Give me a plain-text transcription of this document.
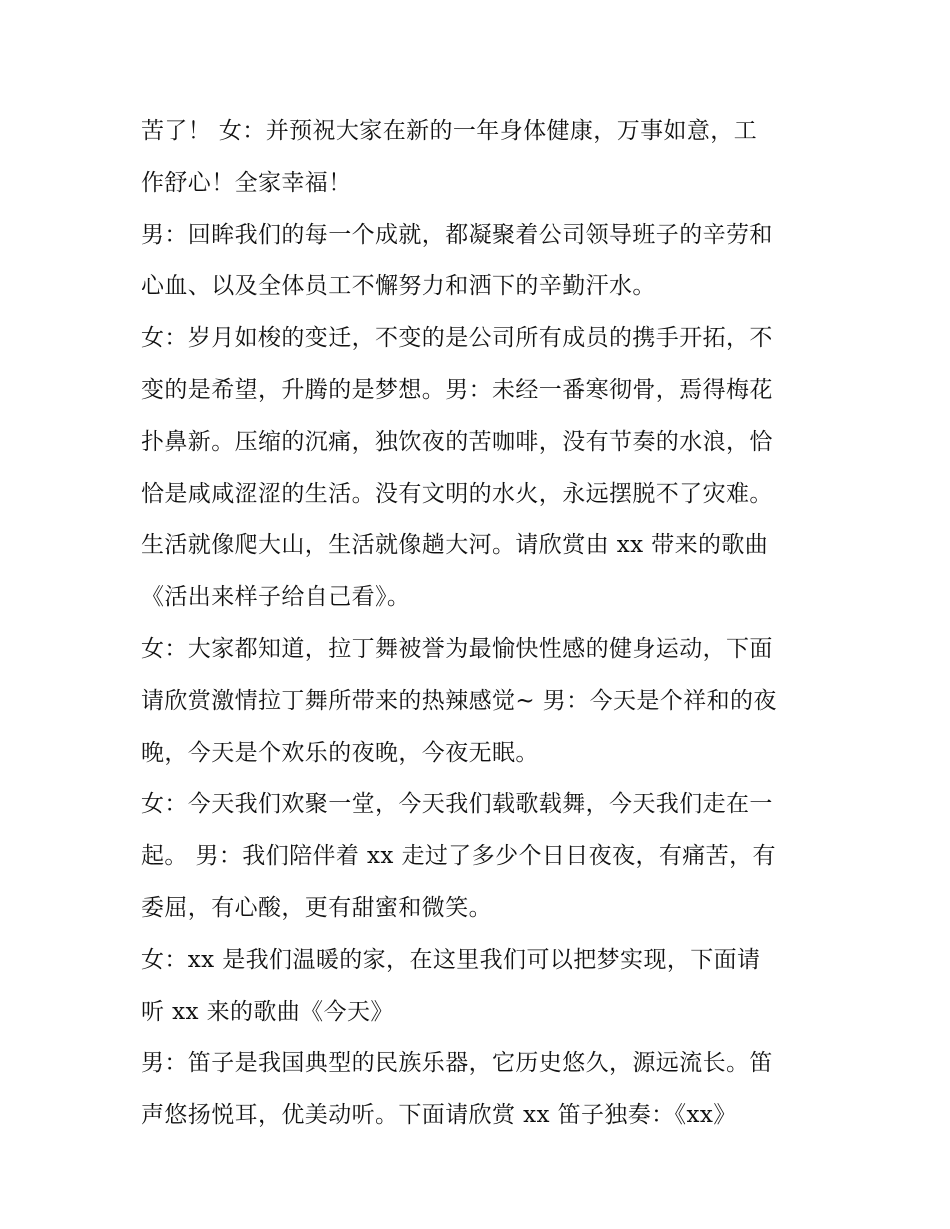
苦了！ 女：并预祝大家在新的一年身体健康，万事如意，工
作舒心！全家幸福！
男：回眸我们的每一个成就，都凝聚着公司领导班子的辛劳和
心血、以及全体员工不懈努力和洒下的辛勤汗水。
女：岁月如梭的变迁，不变的是公司所有成员的携手开拓，不
变的是希望，升腾的是梦想。男：未经一番寒彻骨，焉得梅花
扑鼻新。压缩的沉痛，独饮夜的苦咖啡，没有节奏的水浪，恰
恰是咸咸涩涩的生活。没有文明的水火，永远摆脱不了灾难。
生活就像爬大山，生活就像趟大河。请欣赏由 xx 带来的歌曲
《活出来样子给自己看》。
女：大家都知道，拉丁舞被誉为最愉快性感的健身运动，下面
请欣赏激情拉丁舞所带来的热辣感觉~ 男：今天是个祥和的夜
晚，今天是个欢乐的夜晚，今夜无眠。
女：今天我们欢聚一堂，今天我们载歌载舞，今天我们走在一
起。 男：我们陪伴着 xx 走过了多少个日日夜夜，有痛苦，有
委屈，有心酸，更有甜蜜和微笑。
女：xx 是我们温暖的家，在这里我们可以把梦实现，下面请
听 xx 来的歌曲《今天》
男：笛子是我国典型的民族乐器，它历史悠久，源远流长。笛
声悠扬悦耳，优美动听。下面请欣赏 xx 笛子独奏：《xx》
